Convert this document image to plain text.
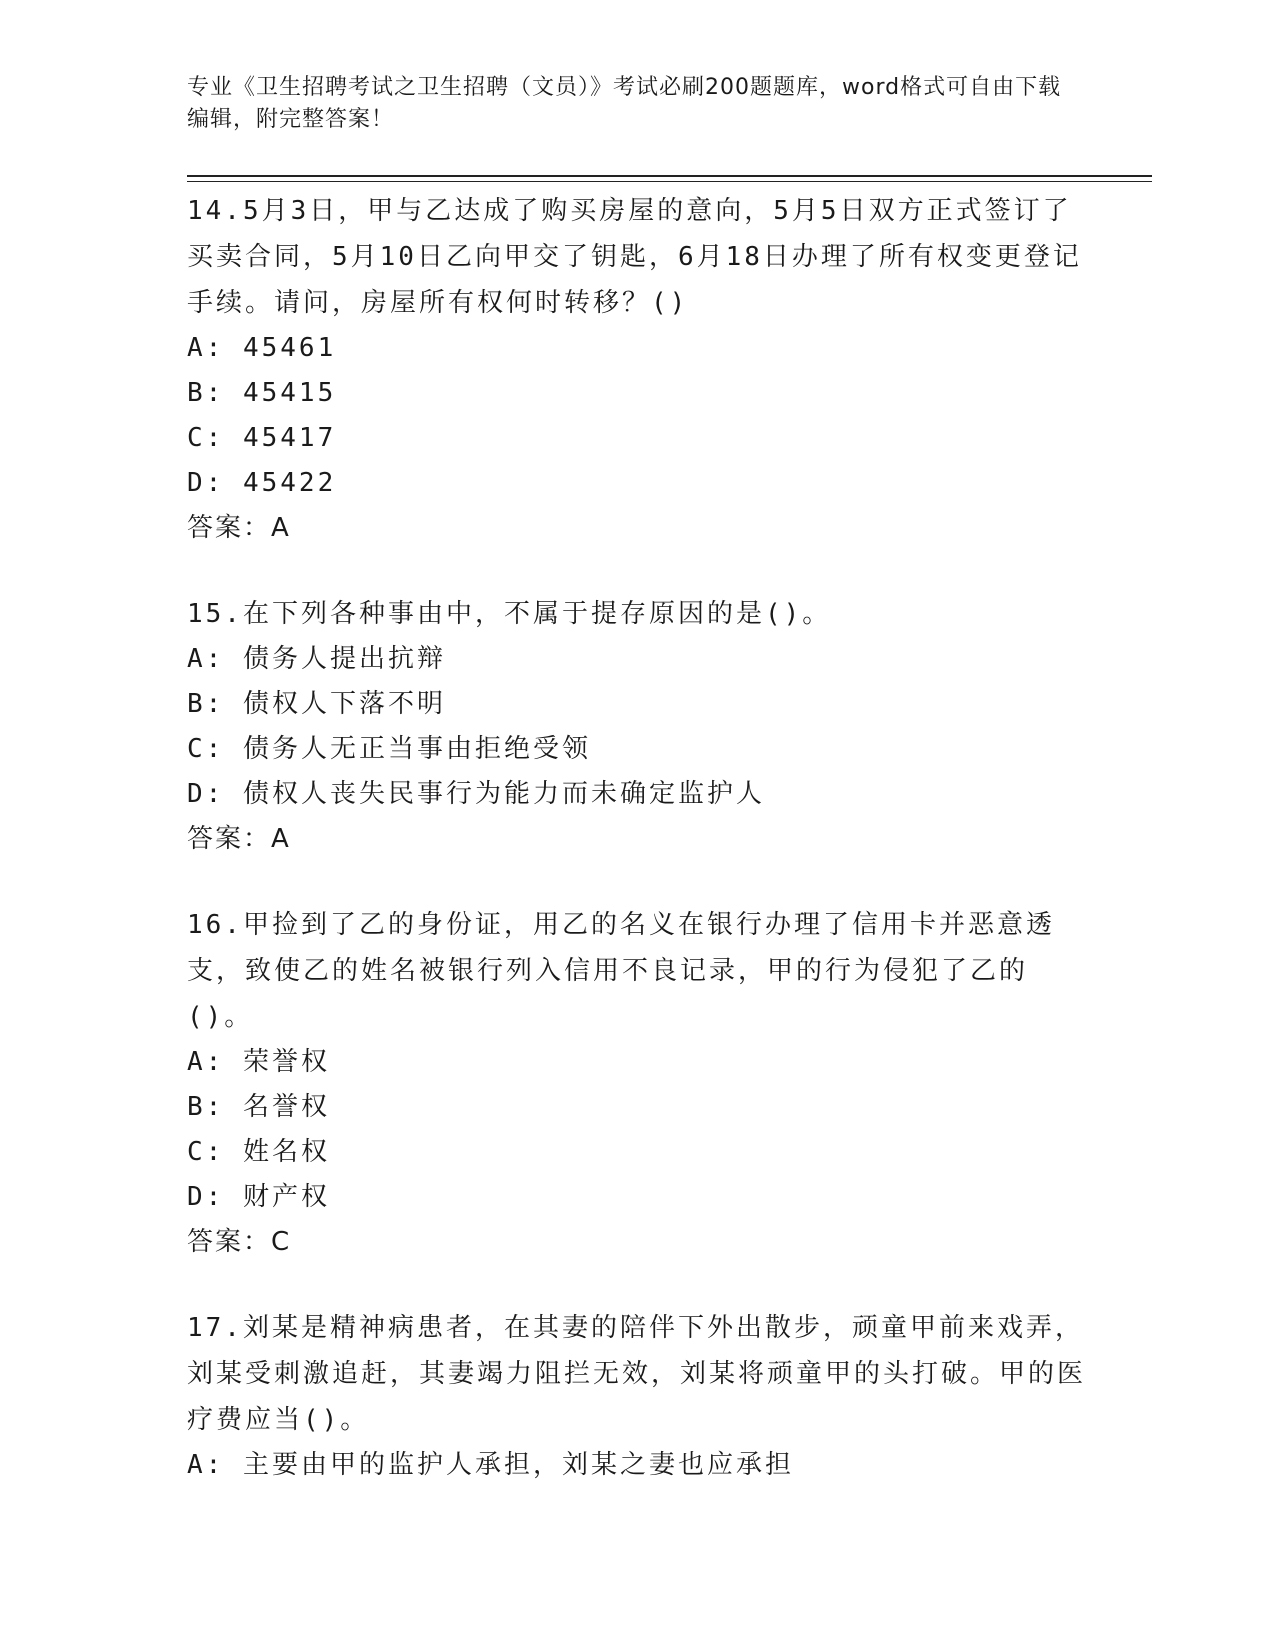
专业《卫生招聘考试之卫生招聘（文员）》考试必刷200题题库，word格式可自由下载编辑，附完整答案！

14.5月3日，甲与乙达成了购买房屋的意向，5月5日双方正式签订了买卖合同，5月10日乙向甲交了钥匙，6月18日办理了所有权变更登记手续。请问，房屋所有权何时转移？()

A: 45461

B: 45415

C: 45417

D: 45422

答案：A

15.在下列各种事由中，不属于提存原因的是()。

A: 债务人提出抗辩

B: 债权人下落不明

C: 债务人无正当事由拒绝受领

D: 债权人丧失民事行为能力而未确定监护人

答案：A

16.甲捡到了乙的身份证，用乙的名义在银行办理了信用卡并恶意透支，致使乙的姓名被银行列入信用不良记录，甲的行为侵犯了乙的()。

A: 荣誉权

B: 名誉权

C: 姓名权

D: 财产权

答案：C

17.刘某是精神病患者，在其妻的陪伴下外出散步，顽童甲前来戏弄，刘某受刺激追赶，其妻竭力阻拦无效，刘某将顽童甲的头打破。甲的医疗费应当()。

A: 主要由甲的监护人承担，刘某之妻也应承担
